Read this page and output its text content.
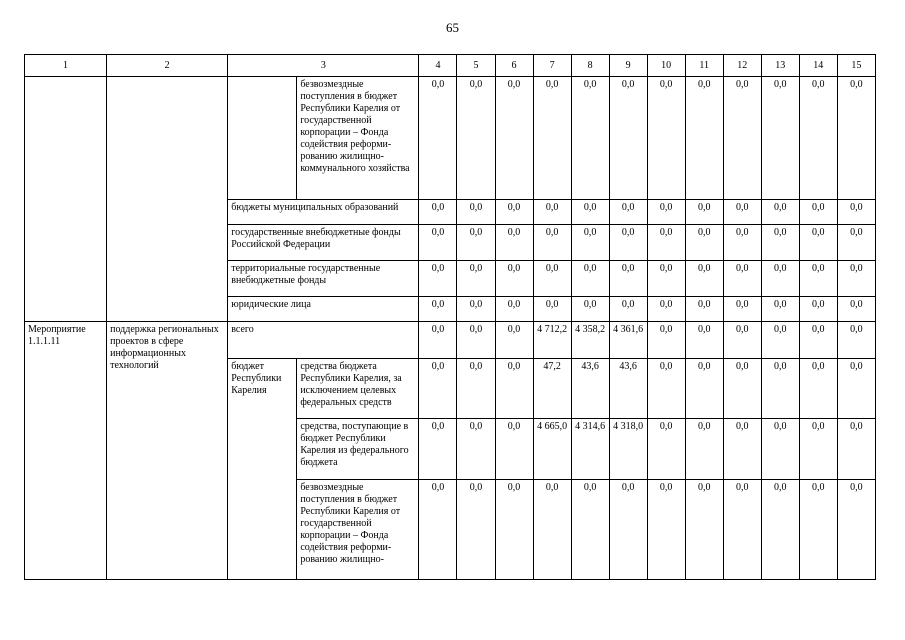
65
1	2	3		4	5	6	7	8	9	10	11	12	13	14	15
			безвозмездные поступления в бюджет Республики Карелия от государственной корпорации – Фонда содействия реформи-рованию жилищно-коммунального хозяйства	0,0	0,0	0,0	0,0	0,0	0,0	0,0	0,0	0,0	0,0	0,0	0,0
		бюджеты муниципальных образований		0,0	0,0	0,0	0,0	0,0	0,0	0,0	0,0	0,0	0,0	0,0	0,0
		государственные внебюджетные фонды Российской Федерации		0,0	0,0	0,0	0,0	0,0	0,0	0,0	0,0	0,0	0,0	0,0	0,0
		территориальные государственные внебюджетные фонды		0,0	0,0	0,0	0,0	0,0	0,0	0,0	0,0	0,0	0,0	0,0	0,0
		юридические лица		0,0	0,0	0,0	0,0	0,0	0,0	0,0	0,0	0,0	0,0	0,0	0,0
Мероприятие 1.1.1.11	поддержка региональных проектов в сфере информационных технологий	всего		0,0	0,0	0,0	4 712,2	4 358,2	4 361,6	0,0	0,0	0,0	0,0	0,0	0,0
		бюджет Республики Карелия	средства бюджета Республики Карелия, за исключением целевых федеральных средств	0,0	0,0	0,0	47,2	43,6	43,6	0,0	0,0	0,0	0,0	0,0	0,0
			средства, поступающие в бюджет Республики Карелия из федерального бюджета	0,0	0,0	0,0	4 665,0	4 314,6	4 318,0	0,0	0,0	0,0	0,0	0,0	0,0
			безвозмездные поступления в бюджет Республики Карелия от государственной корпорации – Фонда содействия реформи-рованию жилищно-	0,0	0,0	0,0	0,0	0,0	0,0	0,0	0,0	0,0	0,0	0,0	0,0
